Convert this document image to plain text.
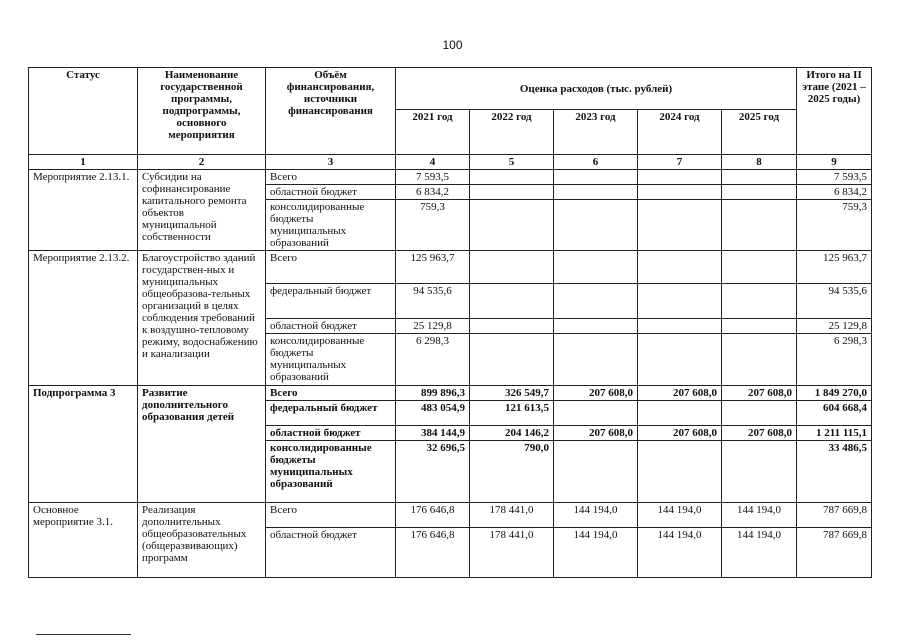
100
Статус	Наименование государственной программы, подпрограммы, основного мероприятия	Объём финансирования, источники финансирования	Оценка расходов (тыс. рублей)					Итого на II этапе (2021 – 2025 годы)
			2021 год	2022 год	2023 год	2024 год	2025 год	
1	2	3	4	5	6	7	8	9
Мероприятие 2.13.1.	Субсидии на софинансирование капитального ремонта объектов муниципальной собственности	Всего	7 593,5					7 593,5
		областной бюджет	6 834,2					6 834,2
		консолидированные бюджеты муниципальных образований	759,3					759,3
Мероприятие 2.13.2.	Благоустройство зданий государствен-ных и муниципальных общеобразова-тельных организаций в целях соблюдения требований к воздушно-тепловому режиму, водоснабжению и канализации	Всего	125 963,7					125 963,7
		федеральный бюджет	94 535,6					94 535,6
		областной бюджет	25 129,8					25 129,8
		консолидированные бюджеты муниципальных образований	6 298,3					6 298,3
Подпрограмма 3	Развитие дополнительного образования детей	Всего	899 896,3	326 549,7	207 608,0	207 608,0	207 608,0	1 849 270,0
		федеральный бюджет	483 054,9	121 613,5				604 668,4
		областной бюджет	384 144,9	204 146,2	207 608,0	207 608,0	207 608,0	1 211 115,1
		консолидированные бюджеты муниципальных образований	32 696,5	790,0				33 486,5
Основное мероприятие 3.1.	Реализация дополнительных общеобразовательных (общеразвивающих) программ	Всего	176 646,8	178 441,0	144 194,0	144 194,0	144 194,0	787 669,8
		областной бюджет	176 646,8	178 441,0	144 194,0	144 194,0	144 194,0	787 669,8
